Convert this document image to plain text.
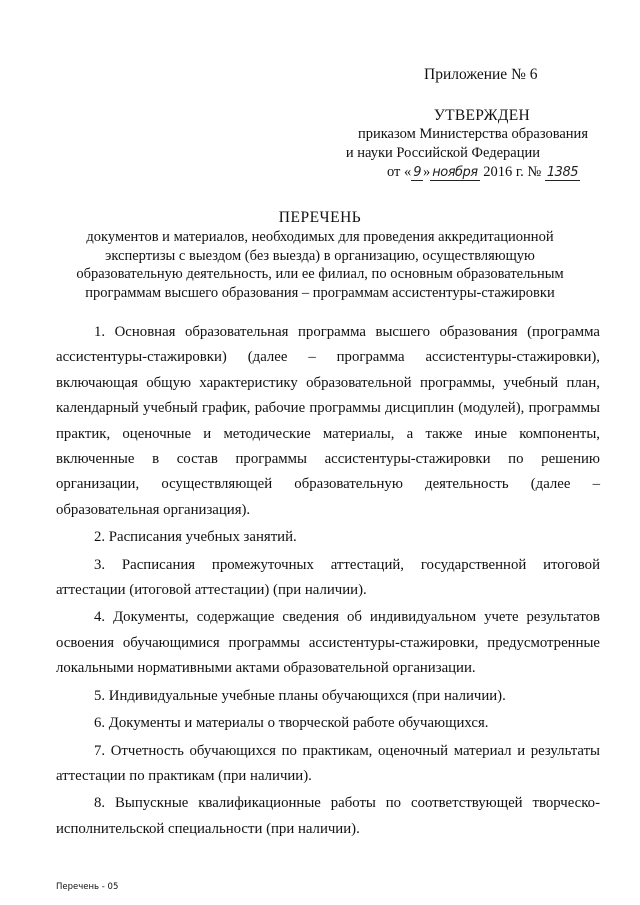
Приложение № 6
УТВЕРЖДЕН
приказом Министерства образования
и науки Российской Федерации
от « 9 » ноября 2016 г. № 1385
ПЕРЕЧЕНЬ
документов и материалов, необходимых для проведения аккредитационной
экспертизы с выездом (без выезда) в организацию, осуществляющую
образовательную деятельность, или ее филиал, по основным образовательным
программам высшего образования – программам ассистентуры-стажировки

1. Основная образовательная программа высшего образования (программа ассистентуры-стажировки) (далее – программа ассистентуры-стажировки), включающая общую характеристику образовательной программы, учебный план, календарный учебный график, рабочие программы дисциплин (модулей), программы практик, оценочные и методические материалы, а также иные компоненты, включенные в состав программы ассистентуры-стажировки по решению организации, осуществляющей образовательную деятельность (далее – образовательная организация).

2. Расписания учебных занятий.

3. Расписания промежуточных аттестаций, государственной итоговой аттестации (итоговой аттестации) (при наличии).

4. Документы, содержащие сведения об индивидуальном учете результатов освоения обучающимися программы ассистентуры-стажировки, предусмотренные локальными нормативными актами образовательной организации.

5. Индивидуальные учебные планы обучающихся (при наличии).

6. Документы и материалы о творческой работе обучающихся.

7. Отчетность обучающихся по практикам, оценочный материал и результаты аттестации по практикам (при наличии).

8. Выпускные квалификационные работы по соответствующей творческо-исполнительской специальности (при наличии).

Перечень - 05
